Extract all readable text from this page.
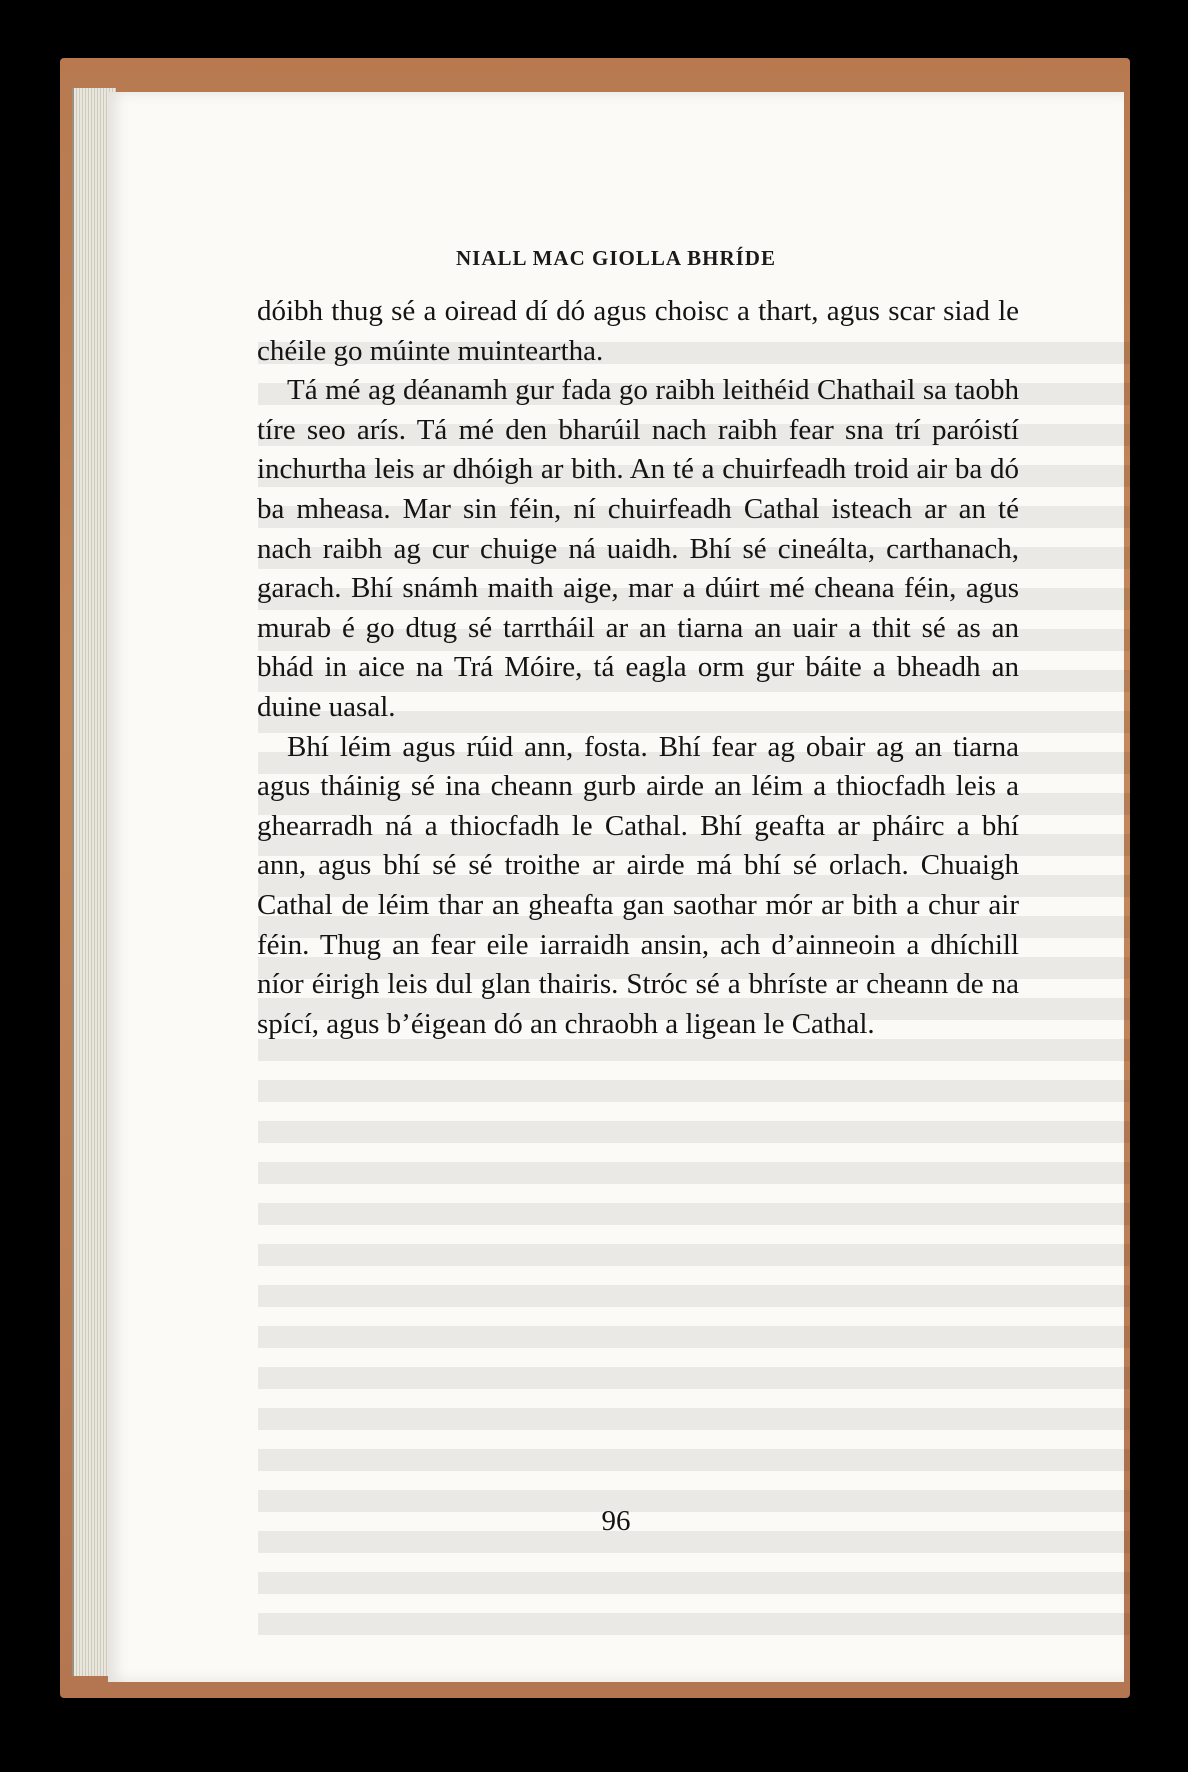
NIALL MAC GIOLLA BHRÍDE

dóibh thug sé a oiread dí dó agus choisc a thart, agus scar siad le chéile go múinte muinteartha.

Tá mé ag déanamh gur fada go raibh leithéid Chathail sa taobh tíre seo arís. Tá mé den bharúil nach raibh fear sna trí paróistí inchurtha leis ar dhóigh ar bith. An té a chuirfeadh troid air ba dó ba mheasa. Mar sin féin, ní chuirfeadh Cathal isteach ar an té nach raibh ag cur chuige ná uaidh. Bhí sé cineálta, carthanach, garach. Bhí snámh maith aige, mar a dúirt mé cheana féin, agus murab é go dtug sé tarrtháil ar an tiarna an uair a thit sé as an bhád in aice na Trá Móire, tá eagla orm gur báite a bheadh an duine uasal.

Bhí léim agus rúid ann, fosta. Bhí fear ag obair ag an tiarna agus tháinig sé ina cheann gurb airde an léim a thiocfadh leis a ghearradh ná a thiocfadh le Cathal. Bhí geafta ar pháirc a bhí ann, agus bhí sé sé troithe ar airde má bhí sé orlach. Chuaigh Cathal de léim thar an gheafta gan saothar mór ar bith a chur air féin. Thug an fear eile iarraidh ansin, ach d’ainneoin a dhíchill níor éirigh leis dul glan thairis. Stróc sé a bhríste ar cheann de na spící, agus b’éigean dó an chraobh a ligean le Cathal.

96
